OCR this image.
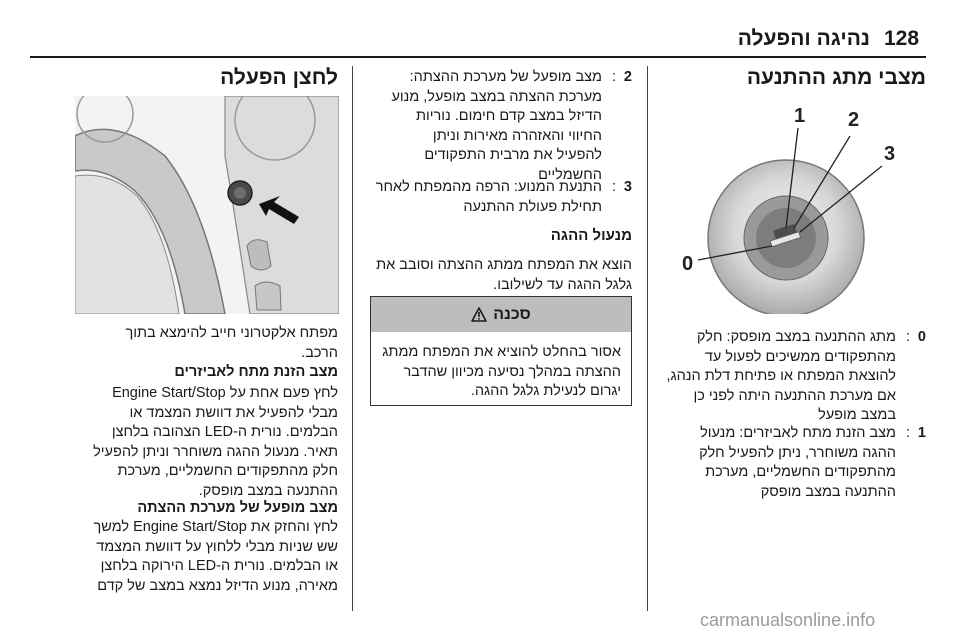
128
נהיגה והפעלה
מצבי מתג ההתנעה
0
1 2
3
0
:
מתג ההתנעה במצב מופסק: חלק
מהתפקודים ממשיכים לפעול עד
להוצאת המפתח או פתיחת דלת הנהג,
אם מערכת ההתנעה היתה לפני כן
במצב מופעל
1
:
מצב הזנת מתח לאביזרים: מנעול
ההגה משוחרר, ניתן להפעיל חלק
מהתפקודים החשמליים, מערכת
ההתנעה במצב מופסק
2
:
מצב מופעל של מערכת ההצתה:
מערכת ההצתה במצב מופעל, מנוע
הדיזל במצב קדם חימום. נוריות
החיווי והאזהרה מאירות וניתן
להפעיל את מרבית התפקודים
החשמליים
3
:
התנעת המנוע: הרפה מהמפתח לאחר
תחילת פעולת ההתנעה
מנעול ההגה
הוצא את המפתח ממתג ההצתה וסובב את
גלגל ההגה עד לשילובו.
סכנה
אסור בהחלט להוציא את המפתח ממתג
ההצתה במהלך נסיעה מכיוון שהדבר
יגרום לנעילת גלגל ההגה.
לחצן הפעלה
מפתח אלקטרוני חייב להימצא בתוך
הרכב.
מצב הזנת מתח לאביזרים
לחץ פעם אחת על Engine Start/Stop
מבלי להפעיל את דוושת המצמד או
הבלמים. נורית ה-LED הצהובה בלחצן
תאיר. מנעול ההגה משוחרר וניתן להפעיל
חלק מהתפקודים החשמליים, מערכת
ההתנעה במצב מופסק.
מצב מופעל של מערכת ההצתה
לחץ והחזק את Engine Start/Stop למשך
שש שניות מבלי ללחוץ על דוושת המצמד
או הבלמים. נורית ה-LED הירוקה בלחצן
מאירה, מנוע הדיזל נמצא במצב של קדם
carmanualsonline.info
